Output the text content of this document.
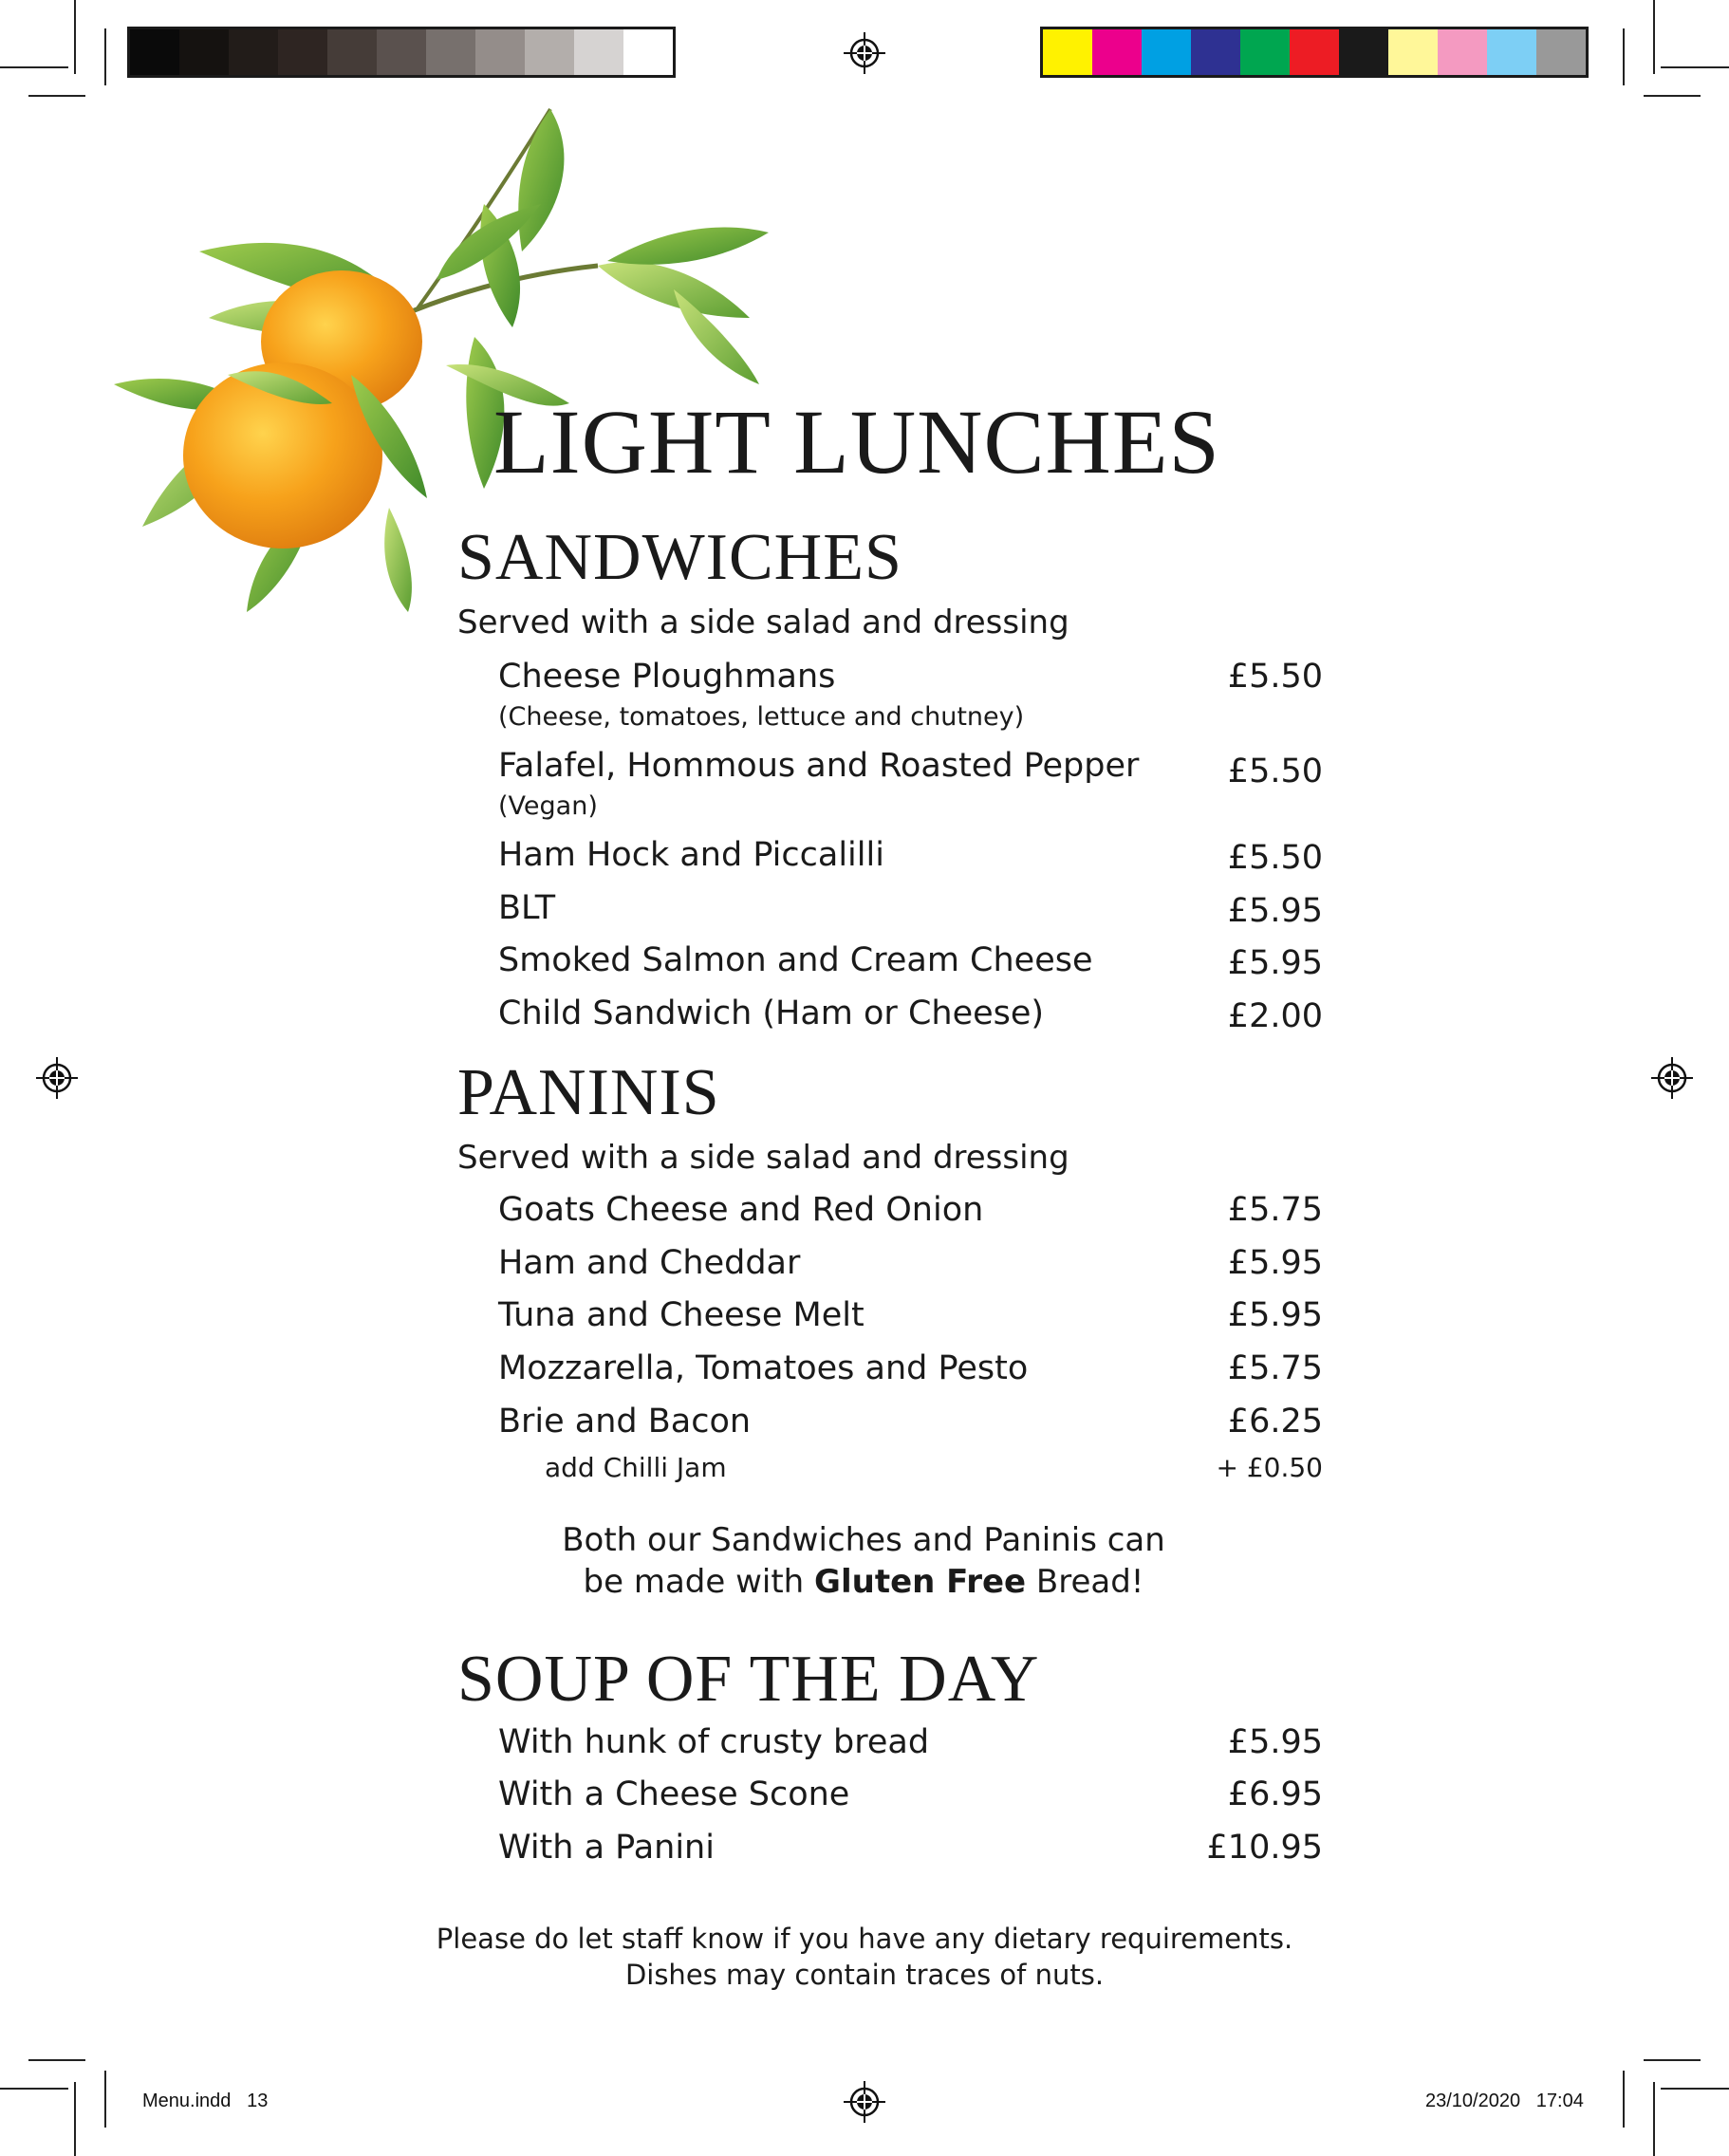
Menu.indd   13	23/10/2020   17:04
LIGHT LUNCHES
SANDWICHES
Served with a side salad and dressing
Cheese Ploughmans	£5.50
(Cheese, tomatoes, lettuce and chutney)
Falafel, Hommous and Roasted Pepper	£5.50
(Vegan)
Ham Hock and Piccalilli	£5.50
BLT	£5.95
Smoked Salmon and Cream Cheese	£5.95
Child Sandwich (Ham or Cheese)	£2.00
PANINIS
Served with a side salad and dressing
Goats Cheese and Red Onion	£5.75
Ham and Cheddar	£5.95
Tuna and Cheese Melt	£5.95
Mozzarella, Tomatoes and Pesto	£5.75
Brie and Bacon	£6.25
add Chilli Jam	+ £0.50
Both our Sandwiches and Paninis can
be made with Gluten Free Bread!
SOUP OF THE DAY
With hunk of crusty bread	£5.95
With a Cheese Scone	£6.95
With a Panini	£10.95
Please do let staff know if you have any dietary requirements.
Dishes may contain traces of nuts.
